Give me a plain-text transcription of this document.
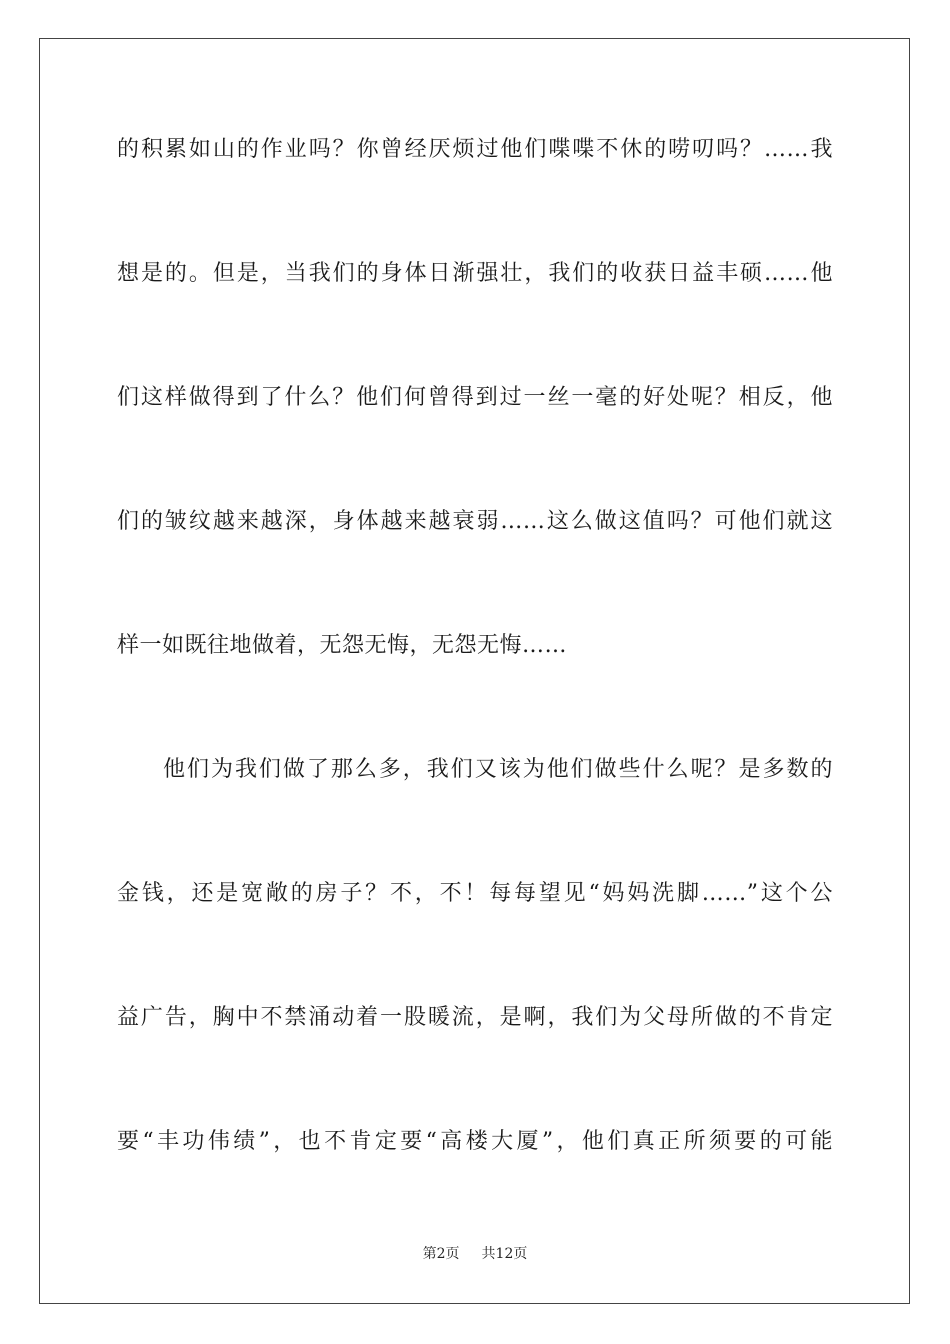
的积累如山的作业吗？你曾经厌烦过他们喋喋不休的唠叨吗？……我
想是的。但是，当我们的身体日渐强壮，我们的收获日益丰硕……他
们这样做得到了什么？他们何曾得到过一丝一毫的好处呢？相反，他
们的皱纹越来越深，身体越来越衰弱……这么做这值吗？可他们就这
样一如既往地做着，无怨无悔，无怨无悔……
他们为我们做了那么多，我们又该为他们做些什么呢？是多数的
金钱，还是宽敞的房子？不，不！每每望见“妈妈洗脚……”这个公
益广告，胸中不禁涌动着一股暖流，是啊，我们为父母所做的不肯定
要“丰功伟绩”，也不肯定要“高楼大厦”，他们真正所须要的可能
第2页 共12页
